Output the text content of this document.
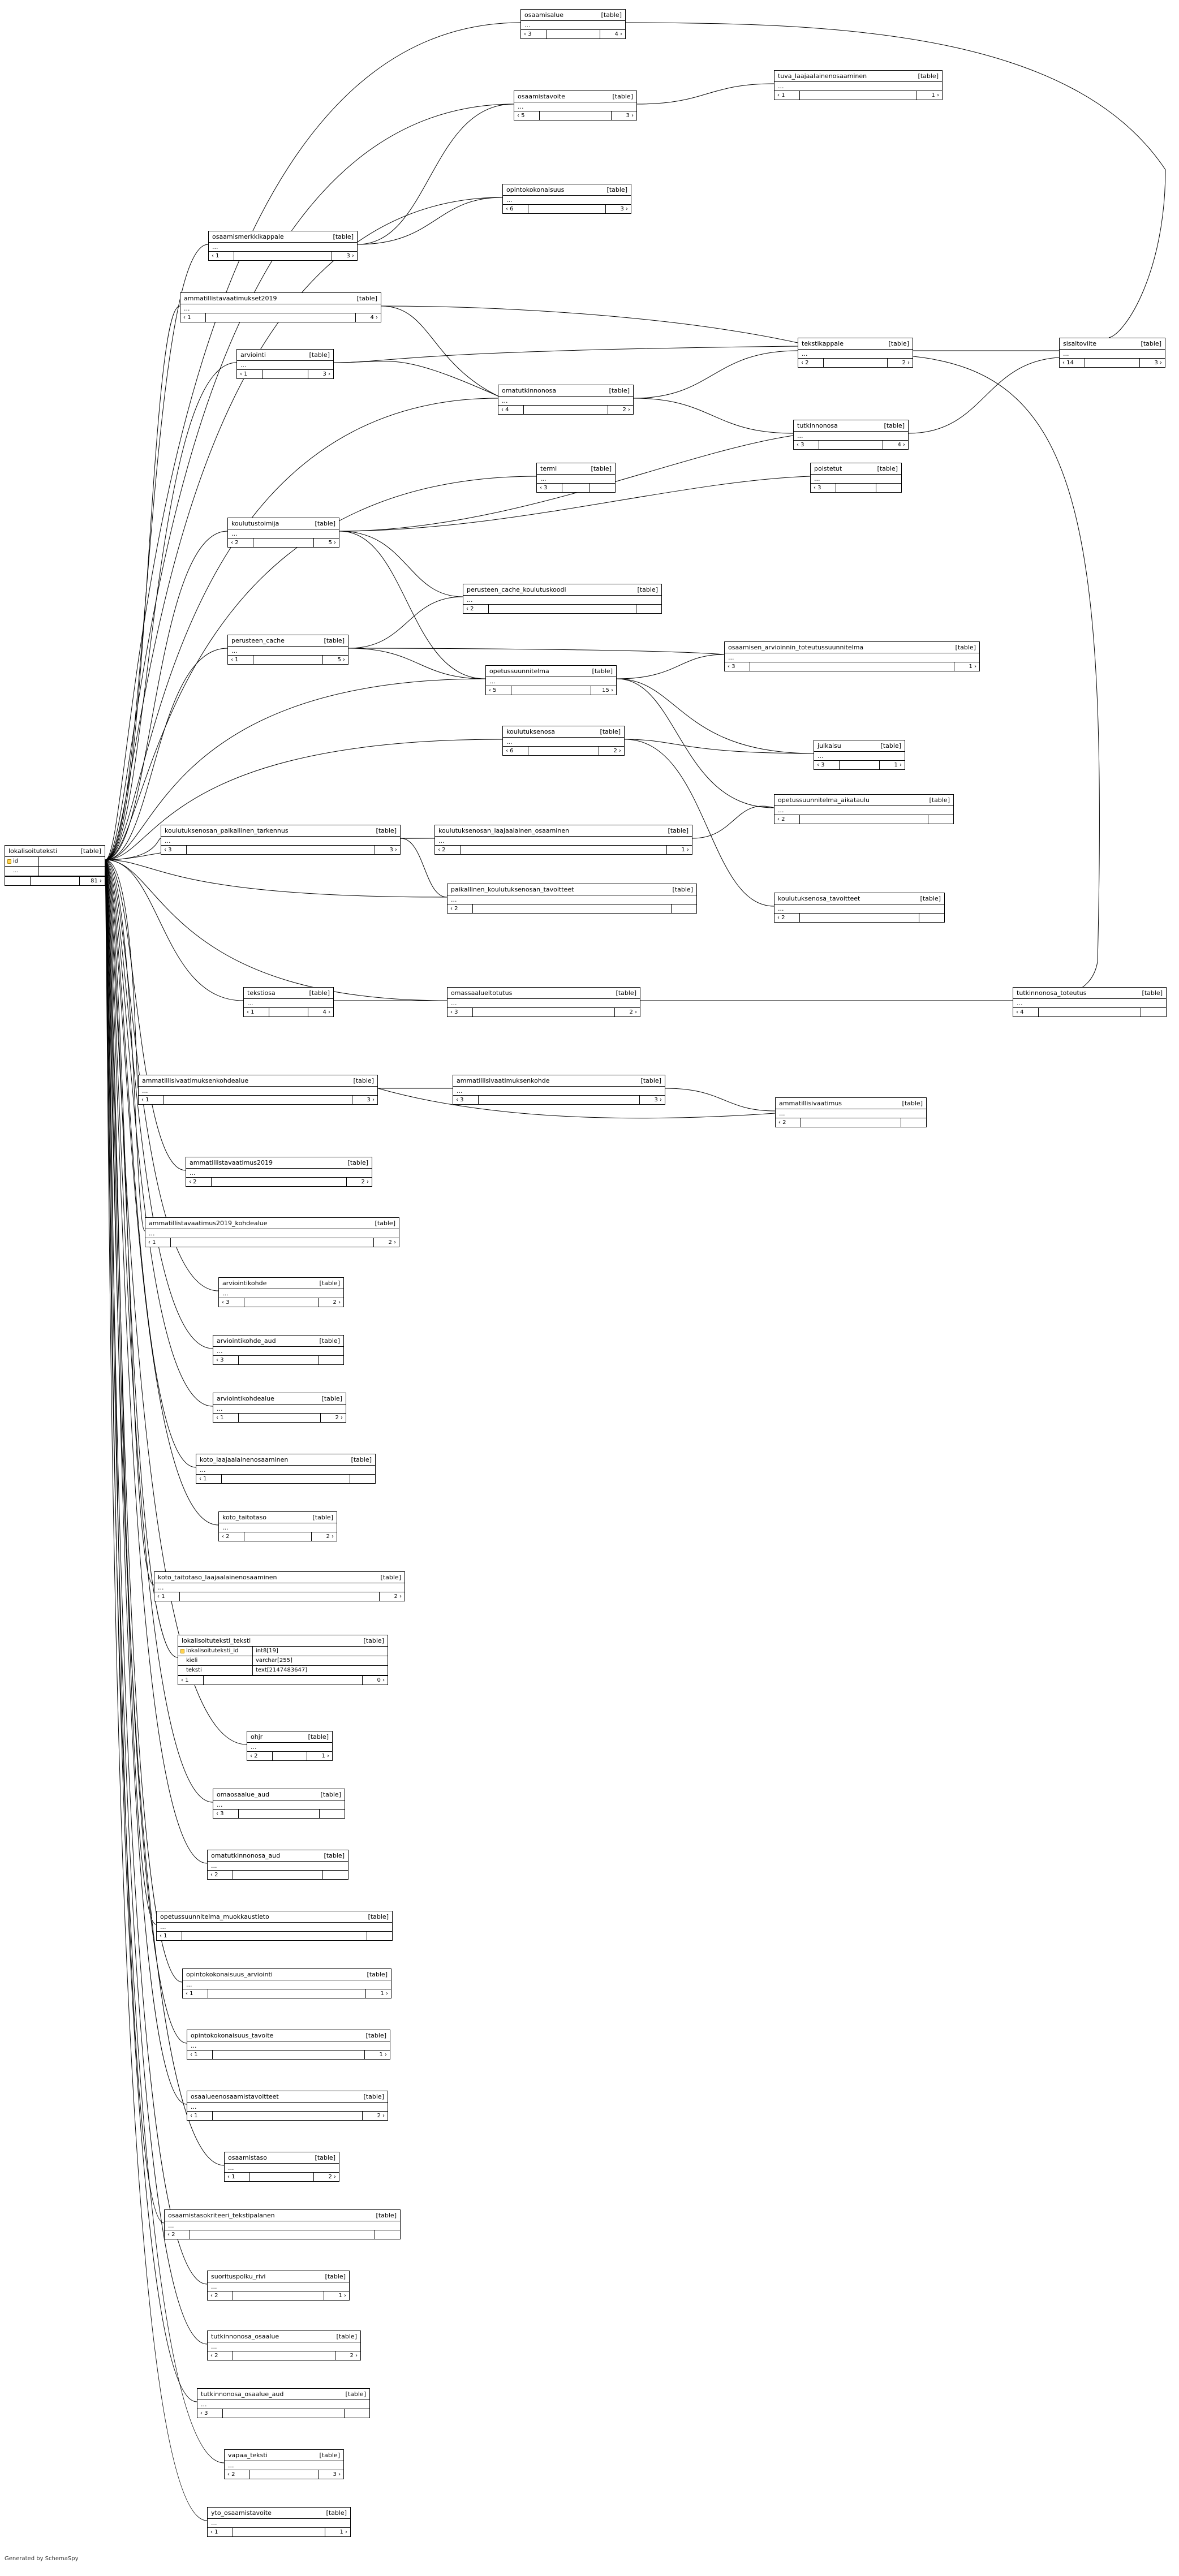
Generated by SchemaSpy
lokalisoituteksti	[table]
id
...
81 ›
osaamisalue	[table]
...
‹ 3	4 ›
osaamistavoite	[table]
...
‹ 5	3 ›
tuva_laajaalainenosaaminen	[table]
...
‹ 1	1 ›
opintokokonaisuus	[table]
...
‹ 6	3 ›
osaamismerkkikappale	[table]
...
‹ 1	3 ›
ammatillistavaatimukset2019	[table]
...
‹ 1	4 ›
arviointi	[table]
...
‹ 1	3 ›
tekstikappale	[table]
...
‹ 2	2 ›
sisaltoviite	[table]
...
‹ 14	3 ›
omatutkinnonosa	[table]
...
‹ 4	2 ›
tutkinnonosa	[table]
...
‹ 3	4 ›
termi	[table]
...
‹ 3
poistetut	[table]
...
‹ 3
koulutustoimija	[table]
...
‹ 2	5 ›
perusteen_cache_koulutuskoodi	[table]
...
‹ 2
osaamisen_arvioinnin_toteutussuunnitelma	[table]
...
‹ 3	1 ›
perusteen_cache	[table]
...
‹ 1	5 ›
opetussuunnitelma	[table]
...
‹ 5	15 ›
koulutuksenosa	[table]
...
‹ 6	2 ›
julkaisu	[table]
...
‹ 3	1 ›
opetussuunnitelma_aikataulu	[table]
...
‹ 2
koulutuksenosan_paikallinen_tarkennus	[table]
...
‹ 3	3 ›
koulutuksenosan_laajaalainen_osaaminen	[table]
...
‹ 2	1 ›
paikallinen_koulutuksenosan_tavoitteet	[table]
...
‹ 2
koulutuksenosa_tavoitteet	[table]
...
‹ 2
tekstiosa	[table]
...
‹ 1	4 ›
omassaalueltotutus	[table]
...
‹ 3	2 ›
tutkinnonosa_toteutus	[table]
...
‹ 4
ammatillisivaatimuksenkohdealue	[table]
...
‹ 1	3 ›
ammatillisivaatimuksenkohde	[table]
...
‹ 3	3 ›	ammatillisivaatimus	[table]
...
‹ 2
ammatillistavaatimus2019	[table]
...
‹ 2	2 ›
ammatillistavaatimus2019_kohdealue	[table]
...
‹ 1	2 ›
arviointikohde	[table]
...
‹ 3	2 ›
arviointikohde_aud	[table]
...
‹ 3
arviointikohdealue	[table]
...
‹ 1	2 ›
koto_laajaalainenosaaminen	[table]
...
‹ 1
koto_taitotaso	[table]
...
‹ 2	2 ›
koto_taitotaso_laajaalainenosaaminen	[table]
...
‹ 1	2 ›
lokalisoituteksti_teksti	[table]
lokalisoituteksti_id	int8[19]
kieli	varchar[255]
teksti	text[2147483647]
‹ 1	0 ›
ohjr	[table]
...
‹ 2	1 ›
omaosaalue_aud	[table]
...
‹ 3
omatutkinnonosa_aud	[table]
...
‹ 2
opetussuunnitelma_muokkaustieto	[table]
...
‹ 1
opintokokonaisuus_arviointi	[table]
...
‹ 1	1 ›
opintokokonaisuus_tavoite	[table]
...
‹ 1	1 ›
osaalueenosaamistavoitteet	[table]
...
‹ 1	2 ›
osaamistaso	[table]
...
‹ 1	2 ›
osaamistasokriteeri_tekstipalanen	[table]
...
‹ 2
suorituspolku_rivi	[table]
...
‹ 2	1 ›
tutkinnonosa_osaalue	[table]
...
‹ 2	2 ›
tutkinnonosa_osaalue_aud	[table]
...
‹ 3
vapaa_teksti	[table]
...
‹ 2	3 ›
yto_osaamistavoite	[table]
...
‹ 1	1 ›
